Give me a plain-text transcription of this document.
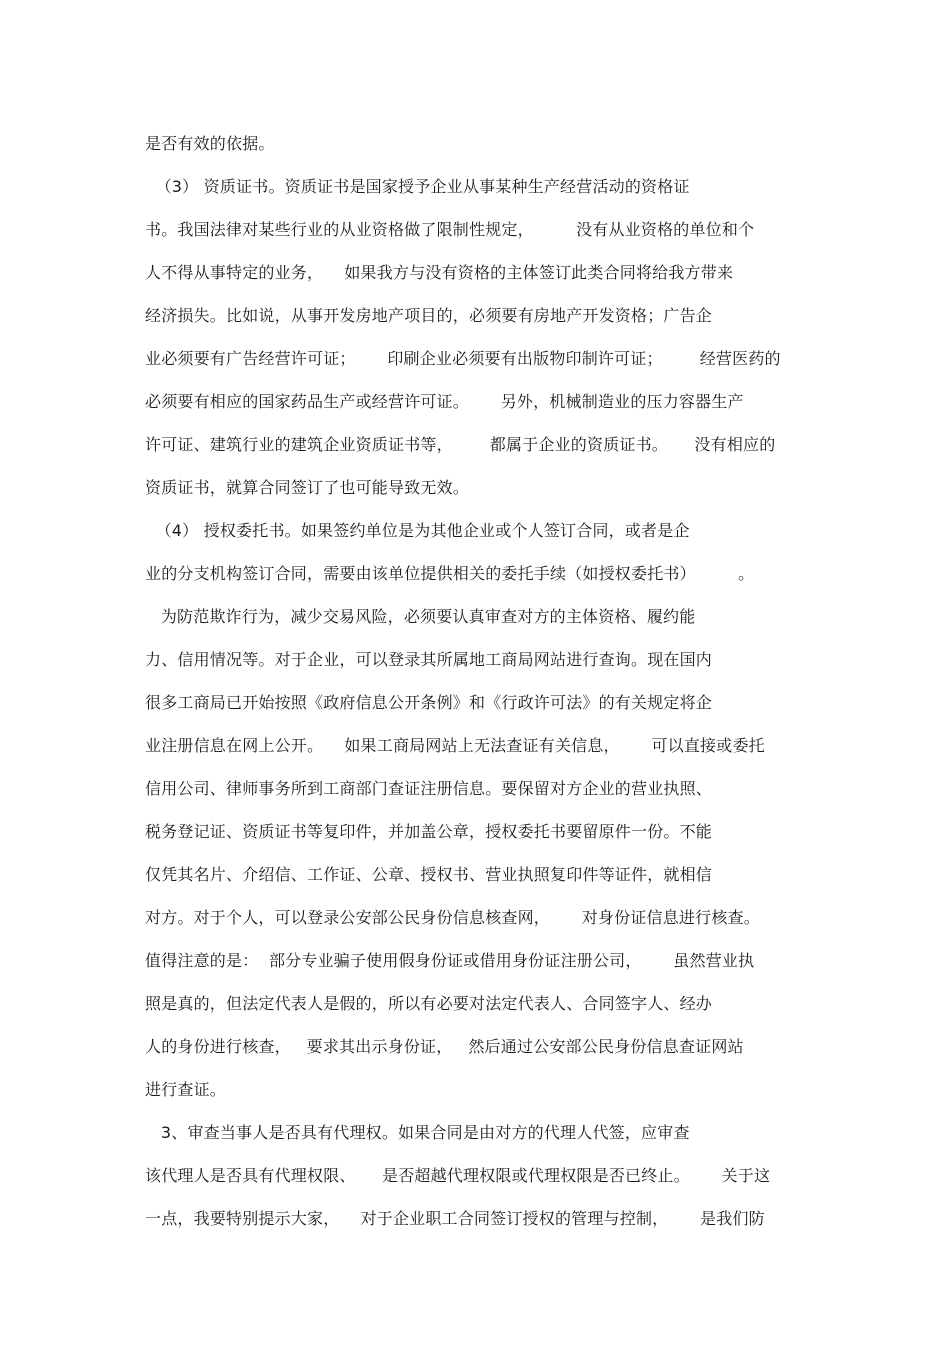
是否有效的依据。
（3） 资质证书。资质证书是国家授予企业从事某种生产经营活动的资格证
书。我国法律对某些行业的从业资格做了限制性规定，        没有从业资格的单位和个
人不得从事特定的业务，    如果我方与没有资格的主体签订此类合同将给我方带来
经济损失。比如说，从事开发房地产项目的，必须要有房地产开发资格；广告企
业必须要有广告经营许可证；      印刷企业必须要有出版物印制许可证；       经营医药的
必须要有相应的国家药品生产或经营许可证。      另外，机械制造业的压力容器生产
许可证、建筑行业的建筑企业资质证书等，       都属于企业的资质证书。     没有相应的
资质证书，就算合同签订了也可能导致无效。
（4） 授权委托书。如果签约单位是为其他企业或个人签订合同，或者是企
业的分支机构签订合同，需要由该单位提供相关的委托手续（如授权委托书）        。
为防范欺诈行为，减少交易风险，必须要认真审查对方的主体资格、履约能
力、信用情况等。对于企业，可以登录其所属地工商局网站进行查询。现在国内
很多工商局已开始按照《政府信息公开条例》和《行政许可法》的有关规定将企
业注册信息在网上公开。    如果工商局网站上无法查证有关信息，      可以直接或委托
信用公司、律师事务所到工商部门查证注册信息。要保留对方企业的营业执照、
税务登记证、资质证书等复印件，并加盖公章，授权委托书要留原件一份。不能
仅凭其名片、介绍信、工作证、公章、授权书、营业执照复印件等证件，就相信
对方。对于个人，可以登录公安部公民身份信息核查网，      对身份证信息进行核查。
值得注意的是：  部分专业骗子使用假身份证或借用身份证注册公司，      虽然营业执
照是真的，但法定代表人是假的，所以有必要对法定代表人、合同签字人、经办
人的身份进行核查，   要求其出示身份证，   然后通过公安部公民身份信息查证网站
进行查证。
3、审查当事人是否具有代理权。如果合同是由对方的代理人代签，应审查
该代理人是否具有代理权限、     是否超越代理权限或代理权限是否已终止。      关于这
一点，我要特别提示大家，    对于企业职工合同签订授权的管理与控制，      是我们防
